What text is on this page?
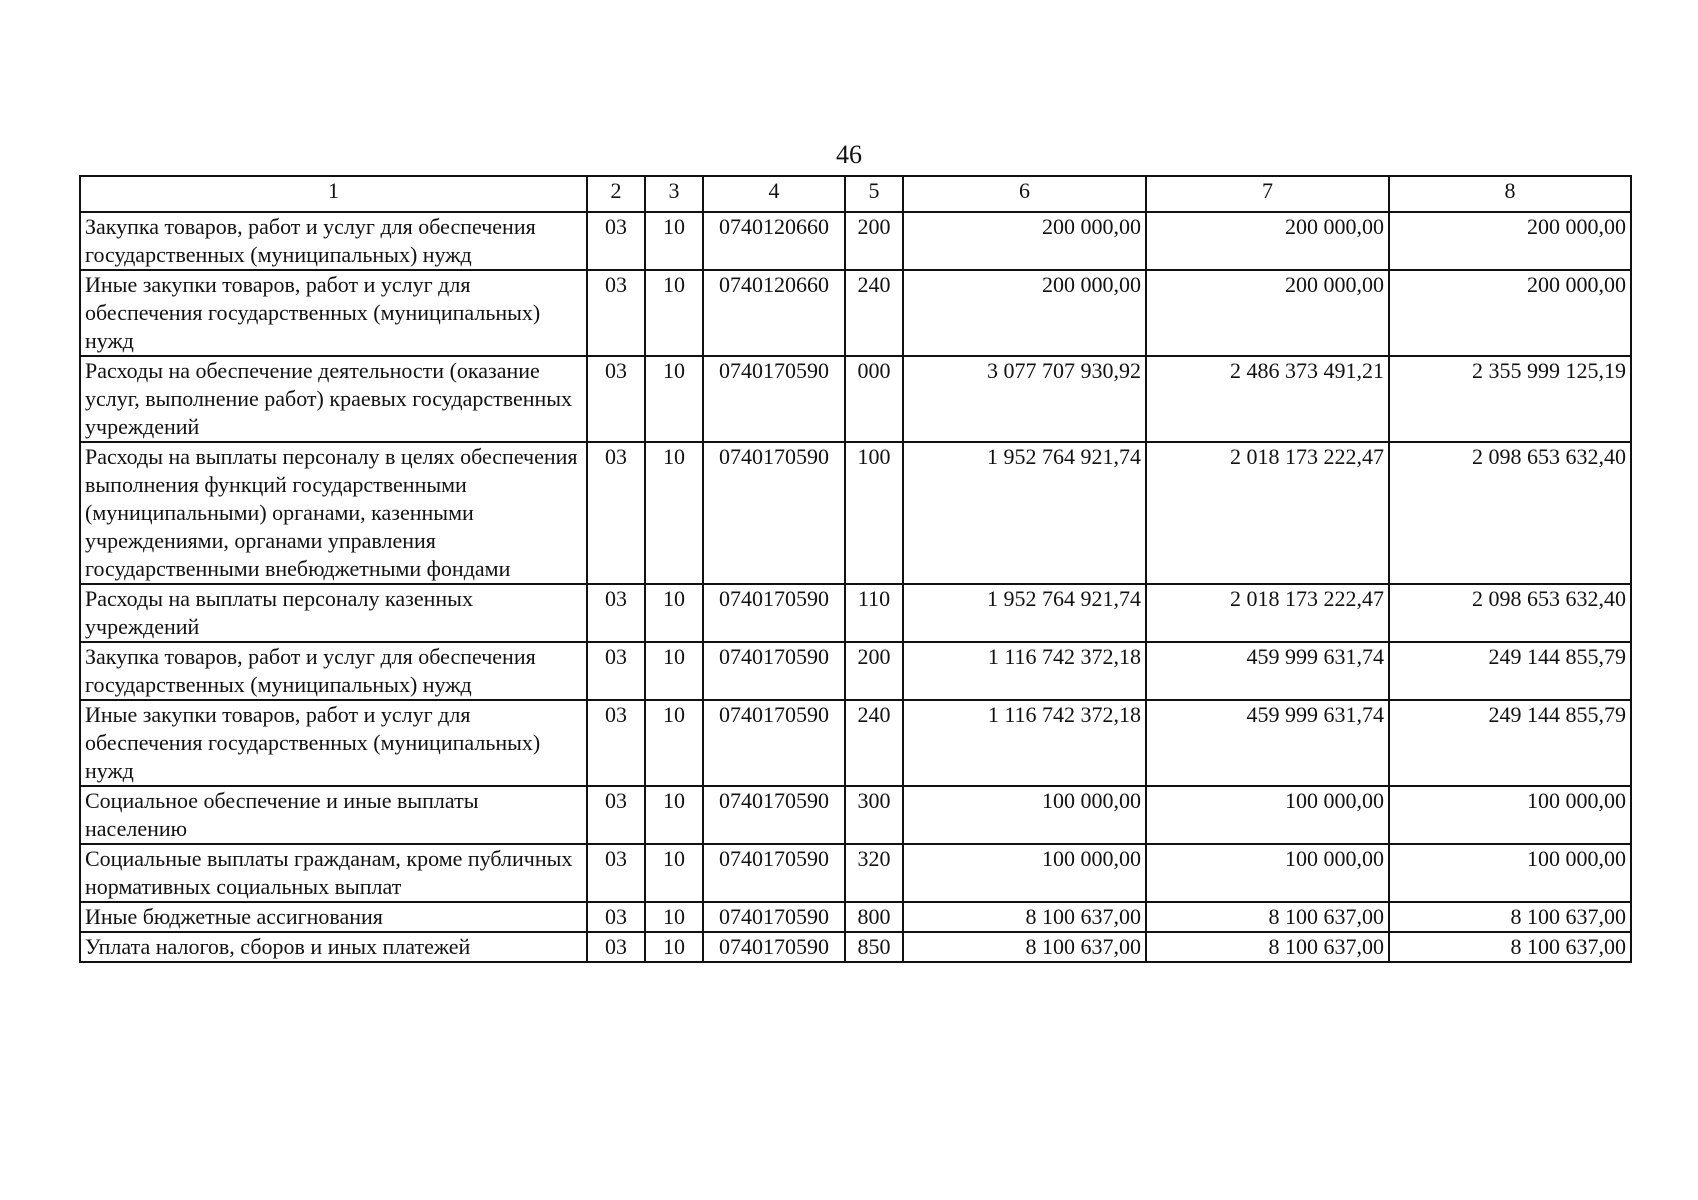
46
1	2	3	4	5	6	7	8
Закупка товаров, работ и услуг для обеспечения государственных (муниципальных) нужд	03	10	0740120660	200	200 000,00	200 000,00	200 000,00
Иные закупки товаров, работ и услуг для обеспечения государственных (муниципальных) нужд	03	10	0740120660	240	200 000,00	200 000,00	200 000,00
Расходы на обеспечение деятельности (оказание услуг, выполнение работ) краевых государственных учреждений	03	10	0740170590	000	3 077 707 930,92	2 486 373 491,21	2 355 999 125,19
Расходы на выплаты персоналу в целях обеспечения выполнения функций государственными (муниципальными) органами, казенными учреждениями, органами управления государственными внебюджетными фондами	03	10	0740170590	100	1 952 764 921,74	2 018 173 222,47	2 098 653 632,40
Расходы на выплаты персоналу казенных учреждений	03	10	0740170590	110	1 952 764 921,74	2 018 173 222,47	2 098 653 632,40
Закупка товаров, работ и услуг для обеспечения государственных (муниципальных) нужд	03	10	0740170590	200	1 116 742 372,18	459 999 631,74	249 144 855,79
Иные закупки товаров, работ и услуг для обеспечения государственных (муниципальных) нужд	03	10	0740170590	240	1 116 742 372,18	459 999 631,74	249 144 855,79
Социальное обеспечение и иные выплаты населению	03	10	0740170590	300	100 000,00	100 000,00	100 000,00
Социальные выплаты гражданам, кроме публичных нормативных социальных выплат	03	10	0740170590	320	100 000,00	100 000,00	100 000,00
Иные бюджетные ассигнования	03	10	0740170590	800	8 100 637,00	8 100 637,00	8 100 637,00
Уплата налогов, сборов и иных платежей	03	10	0740170590	850	8 100 637,00	8 100 637,00	8 100 637,00
